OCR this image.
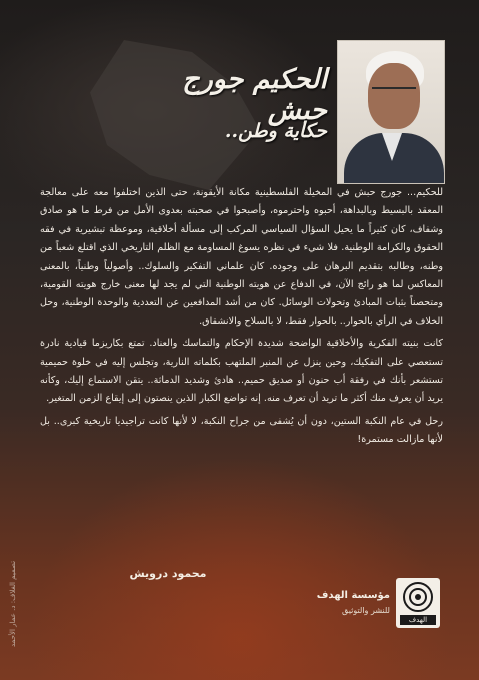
الحكيم جورج حبش
حكاية وطن..

للحكيم... جورج حبش في المخيلة الفلسطينية مكانة الأيقونة، حتى الذين اختلفوا معه على معالجة المعقد بالبسيط وبالبداهة، أحبوه واحترموه، وأصبحوا في صحبته بعدوى الأمل من فرط ما هو صادق وشفاف، كان كثيراً ما يحيل السؤال السياسي المركب إلى مسألة أخلاقية، وموعظة تبشيرية في فقه الحقوق والكرامة الوطنية. فلا شيء في نظره يسوغ المساومة مع الظلم التاريخي الذي اقتلع شعباً من وطنه، وطالبه بتقديم البرهان على وجوده. كان علماني التفكير والسلوك.. وأصولياً وطنياً، بالمعنى المعاكس لما هو رائج الآن، في الدفاع عن هويته الوطنية التي لم يجد لها معنى خارج هويته القومية، ومتحصناً بثبات المبادئ وتحولات الوسائل. كان من أشد المدافعين عن التعددية والوحدة الوطنية، وحل الخلاف في الرأي بالحوار.. بالحوار فقط، لا بالسلاح والانشقاق.

كانت بنيته الفكرية والأخلاقية الواضحة شديدة الإحكام والتماسك والعناد. تمتع بكاريزما قيادية نادرة تستعصي على التفكيك، وحين ينزل عن المنبر الملتهب بكلماته النارية، وتجلس إليه في خلوة حميمية تستشعر بأنك في رفقة أب حنون أو صديق حميم.. هادئ وشديد الدماثة.. يتقن الاستماع إليك، وكأنه يريد أن يعرف منك أكثر ما تريد أن تعرف منه. إنه تواضع الكبار الذين ينصتون إلى إيقاع الزمن المتغير.

رحل في عام النكبة الستين، دون أن يُشفى من جراح النكبة، لا لأنها كانت تراجيديا تاريخية كبرى.. بل لأنها مازالت مستمرة!

محمود درويش
تصميم الغلاف: د. عمار الأحمد	مؤسسة الهدف
للنشر والتوثيق
الهدف
